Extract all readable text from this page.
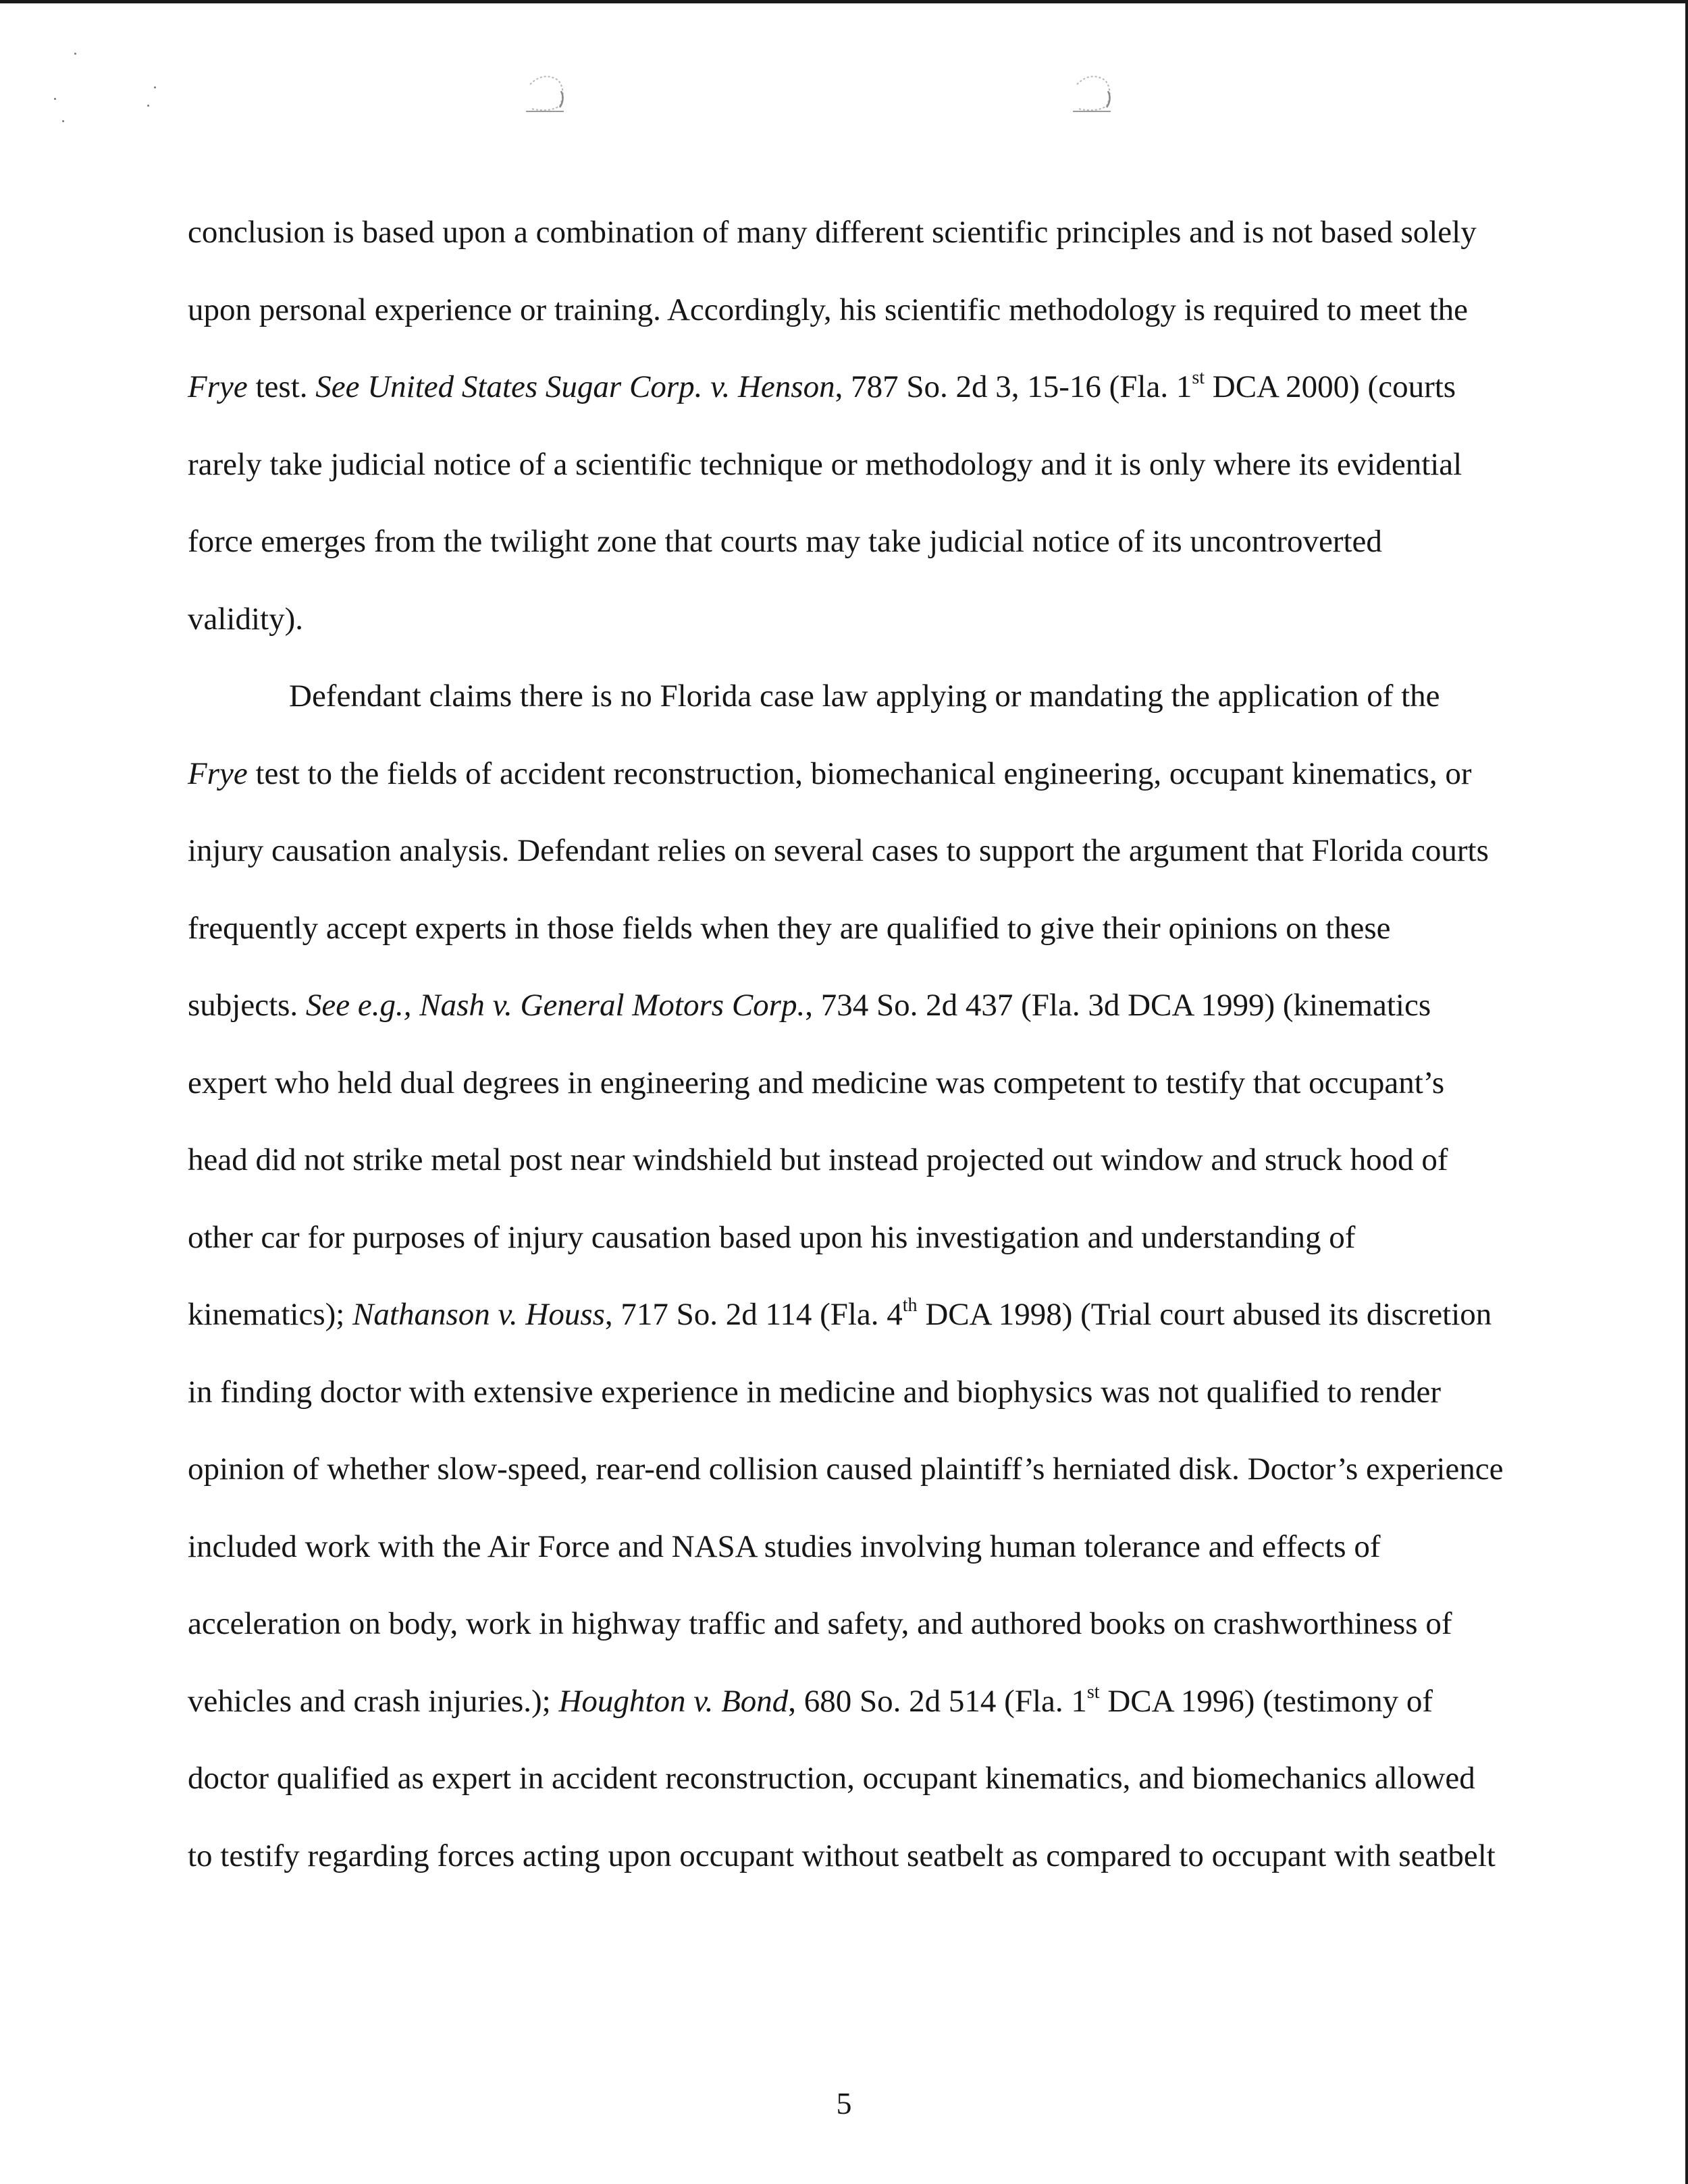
conclusion is based upon a combination of many different scientific principles and is not based solely upon personal experience or training. Accordingly, his scientific methodology is required to meet the Frye test. See United States Sugar Corp. v. Henson, 787 So. 2d 3, 15-16 (Fla. 1st DCA 2000) (courts rarely take judicial notice of a scientific technique or methodology and it is only where its evidential force emerges from the twilight zone that courts may take judicial notice of its uncontroverted validity).

Defendant claims there is no Florida case law applying or mandating the application of the Frye test to the fields of accident reconstruction, biomechanical engineering, occupant kinematics, or injury causation analysis. Defendant relies on several cases to support the argument that Florida courts frequently accept experts in those fields when they are qualified to give their opinions on these subjects. See e.g., Nash v. General Motors Corp., 734 So. 2d 437 (Fla. 3d DCA 1999) (kinematics expert who held dual degrees in engineering and medicine was competent to testify that occupant’s head did not strike metal post near windshield but instead projected out window and struck hood of other car for purposes of injury causation based upon his investigation and understanding of kinematics); Nathanson v. Houss, 717 So. 2d 114 (Fla. 4th DCA 1998) (Trial court abused its discretion in finding doctor with extensive experience in medicine and biophysics was not qualified to render opinion of whether slow-speed, rear-end collision caused plaintiff’s herniated disk. Doctor’s experience included work with the Air Force and NASA studies involving human tolerance and effects of acceleration on body, work in highway traffic and safety, and authored books on crashworthiness of vehicles and crash injuries.); Houghton v. Bond, 680 So. 2d 514 (Fla. 1st DCA 1996) (testimony of doctor qualified as expert in accident reconstruction, occupant kinematics, and biomechanics allowed to testify regarding forces acting upon occupant without seatbelt as compared to occupant with seatbelt

5
